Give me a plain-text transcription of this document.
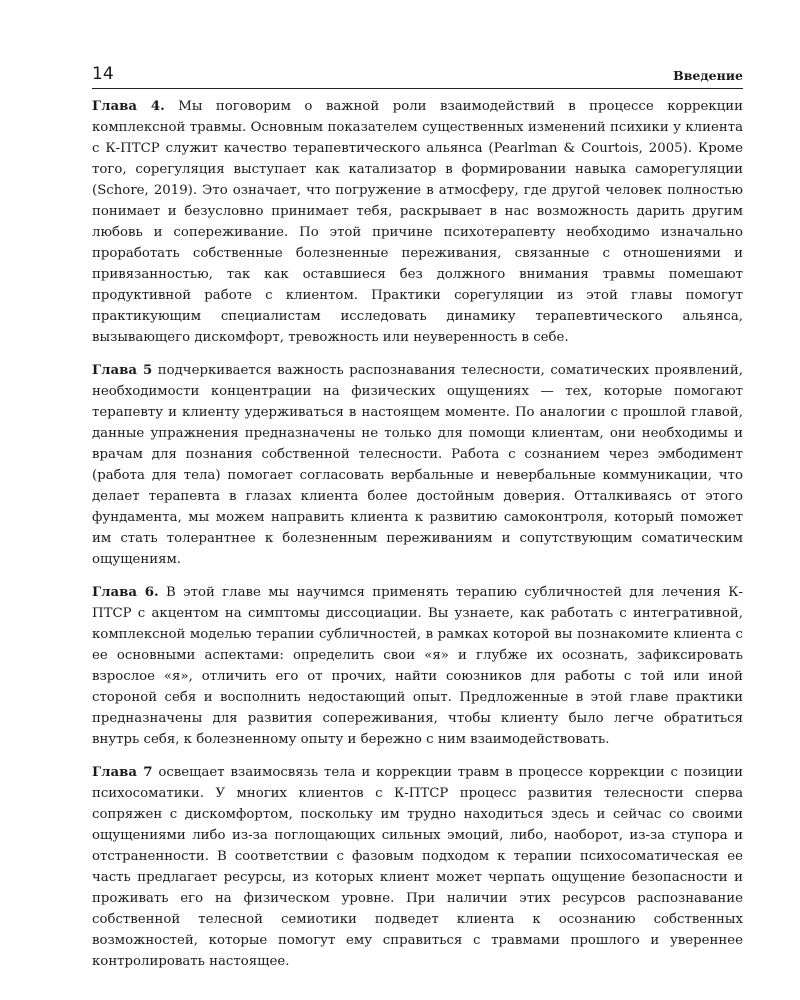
14	Введение

Глава 4. Мы поговорим о важной роли взаимодействий в процессе коррекции комплексной травмы. Основным показателем существенных изменений психики у клиента с К-ПТСР служит качество терапевтического альянса (Pearlman & Courtois, 2005). Кроме того, сорегуляция выступает как катализатор в формировании навыка саморегуляции (Schore, 2019). Это означает, что погружение в атмосферу, где другой человек полностью понимает и безусловно принимает тебя, раскрывает в нас возможность дарить другим любовь и сопереживание. По этой причине психотерапевту необходимо изначально проработать собственные болезненные переживания, связанные с отношениями и привязанностью, так как оставшиеся без должного внимания травмы помешают продуктивной работе с клиентом. Практики сорегуляции из этой главы помогут практикующим специалистам исследовать динамику терапевтического альянса, вызывающего дискомфорт, тревожность или неуверенность в себе.

Глава 5 подчеркивается важность распознавания телесности, соматических проявлений, необходимости концентрации на физических ощущениях — тех, которые помогают терапевту и клиенту удерживаться в настоящем моменте. По аналогии с прошлой главой, данные упражнения предназначены не только для помощи клиентам, они необходимы и врачам для познания собственной телесности. Работа с сознанием через эмбодимент (работа для тела) помогает согласовать вербальные и невербальные коммуникации, что делает терапевта в глазах клиента более достойным доверия. Отталкиваясь от этого фундамента, мы можем направить клиента к развитию самоконтроля, который поможет им стать толерантнее к болезненным переживаниям и сопутствующим соматическим ощущениям.

Глава 6. В этой главе мы научимся применять терапию субличностей для лечения К-ПТСР с акцентом на симптомы диссоциации. Вы узнаете, как работать с интегративной, комплексной моделью терапии субличностей, в рамках которой вы познакомите клиента с ее основными аспектами: определить свои «я» и глубже их осознать, зафиксировать взрослое «я», отличить его от прочих, найти союзников для работы с той или иной стороной себя и восполнить недостающий опыт. Предложенные в этой главе практики предназначены для развития сопереживания, чтобы клиенту было легче обратиться внутрь себя, к болезненному опыту и бережно с ним взаимодействовать.

Глава 7 освещает взаимосвязь тела и коррекции травм в процессе коррекции с позиции психосоматики. У многих клиентов с К-ПТСР процесс развития телесности сперва сопряжен с дискомфортом, поскольку им трудно находиться здесь и сейчас со своими ощущениями либо из-за поглощающих сильных эмоций, либо, наоборот, из-за ступора и отстраненности. В соответствии с фазовым подходом к терапии психосоматическая ее часть предлагает ресурсы, из которых клиент может черпать ощущение безопасности и проживать его на физическом уровне. При наличии этих ресурсов распознавание собственной телесной семиотики подведет клиента к осознанию собственных возможностей, которые помогут ему справиться с травмами прошлого и увереннее контролировать настоящее.
